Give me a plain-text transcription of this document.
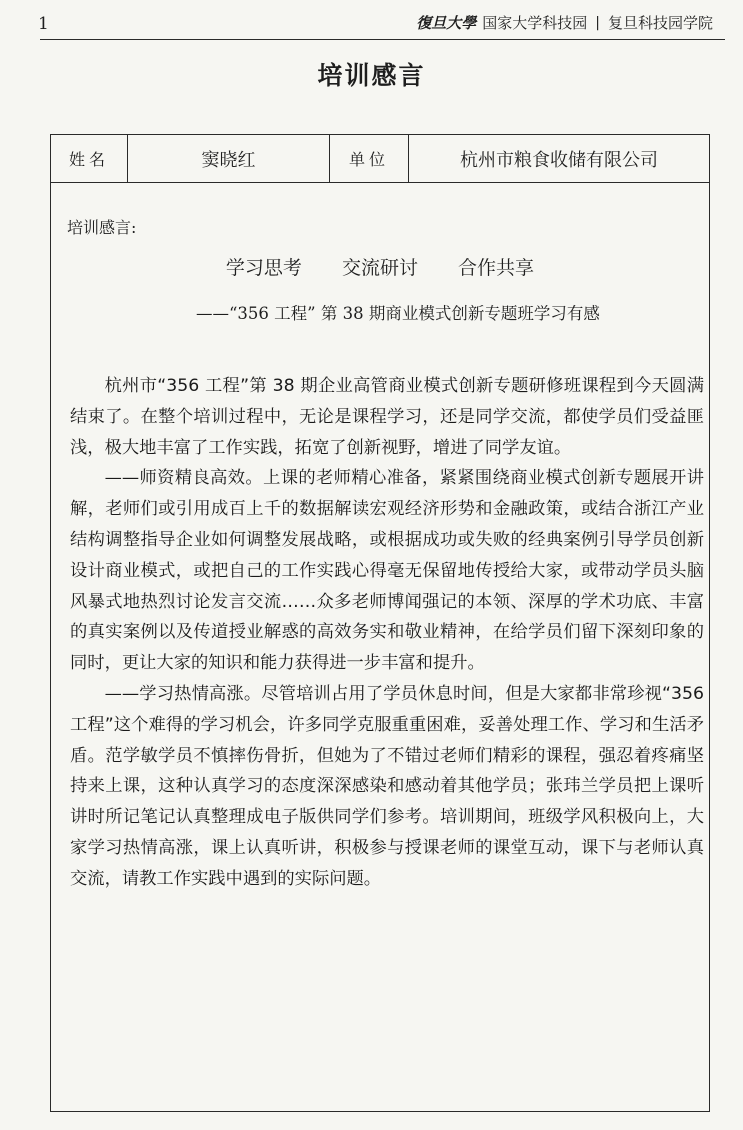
1	復旦大學 国家大学科技园 | 复旦科技园学院
培训感言
姓名	窦晓红	单位	杭州市粮食收储有限公司
培训感言:
学习思考 交流研讨 合作共享
——“356 工程” 第 38 期商业模式创新专题班学习有感

杭州市“356 工程”第 38 期企业高管商业模式创新专题研修班课程到今天圆满结束了。在整个培训过程中，无论是课程学习，还是同学交流，都使学员们受益匪浅，极大地丰富了工作实践，拓宽了创新视野，增进了同学友谊。

——师资精良高效。上课的老师精心准备，紧紧围绕商业模式创新专题展开讲解，老师们或引用成百上千的数据解读宏观经济形势和金融政策，或结合浙江产业结构调整指导企业如何调整发展战略，或根据成功或失败的经典案例引导学员创新设计商业模式，或把自己的工作实践心得毫无保留地传授给大家，或带动学员头脑风暴式地热烈讨论发言交流……众多老师博闻强记的本领、深厚的学术功底、丰富的真实案例以及传道授业解惑的高效务实和敬业精神，在给学员们留下深刻印象的同时，更让大家的知识和能力获得进一步丰富和提升。

——学习热情高涨。尽管培训占用了学员休息时间，但是大家都非常珍视“356 工程”这个难得的学习机会，许多同学克服重重困难，妥善处理工作、学习和生活矛盾。范学敏学员不慎摔伤骨折，但她为了不错过老师们精彩的课程，强忍着疼痛坚持来上课，这种认真学习的态度深深感染和感动着其他学员；张玮兰学员把上课听讲时所记笔记认真整理成电子版供同学们参考。培训期间，班级学风积极向上，大家学习热情高涨，课上认真听讲，积极参与授课老师的课堂互动，课下与老师认真交流，请教工作实践中遇到的实际问题。
